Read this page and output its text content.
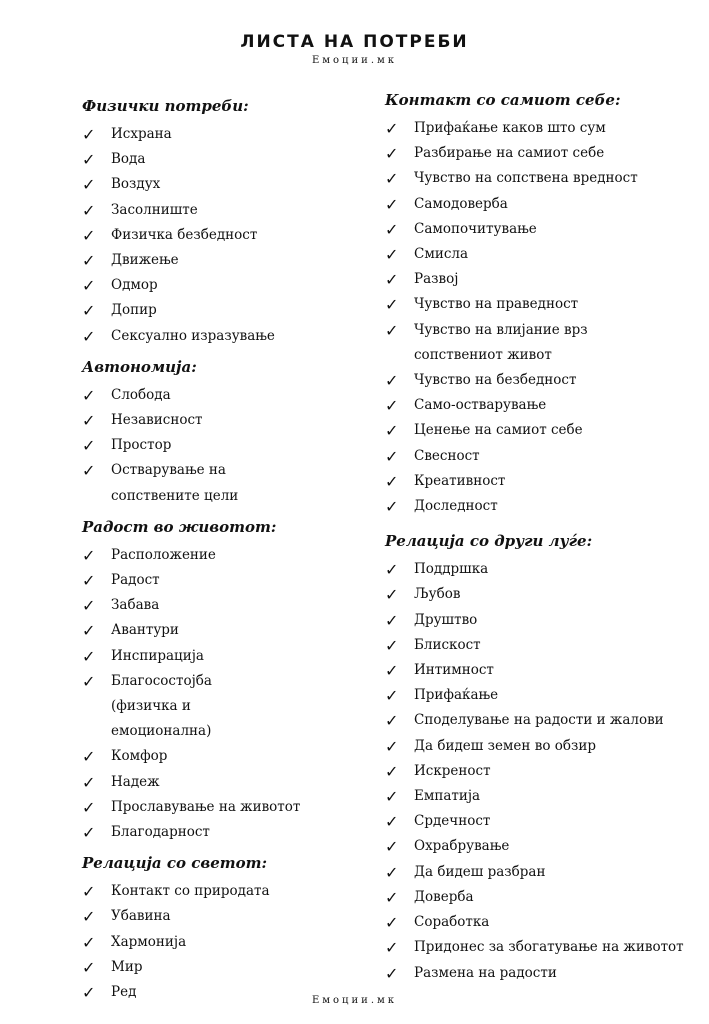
ЛИСТА НА ПОТРЕБИ
Емоции.мк
Физички потреби:
✓ Исхрана
✓ Вода
✓ Воздух
✓ Засолниште
✓ Физичка безбедност
✓ Движење
✓ Одмор
✓ Допир
✓ Сексуално изразување
Автономија:
✓ Слобода
✓ Независност
✓ Простор
✓ Остварување на сопствените цели
Радост во животот:
✓ Расположение
✓ Радост
✓ Забава
✓ Авантури
✓ Инспирација
✓ Благосостојба (физичка и емоционална)
✓ Комфор
✓ Надеж
✓ Прославување на животот
✓ Благодарност
Релација со светот:
✓ Контакт со природата
✓ Убавина
✓ Хармонија
✓ Мир
✓ Ред
Контакт со самиот себе:
✓ Прифаќање каков што сум
✓ Разбирање на самиот себе
✓ Чувство на сопствена вредност
✓ Самодоверба
✓ Самопочитување
✓ Смисла
✓ Развој
✓ Чувство на праведност
✓ Чувство на влијание врз сопствениот живот
✓ Чувство на безбедност
✓ Само-остварување
✓ Ценење на самиот себе
✓ Свесност
✓ Креативност
✓ Доследност
Релација со други луѓе:
✓ Поддршка
✓ Љубов
✓ Друштво
✓ Блискост
✓ Интимност
✓ Прифаќање
✓ Споделување на радости и жалови
✓ Да бидеш земен во обзир
✓ Искреност
✓ Емпатија
✓ Срдечност
✓ Охрабрување
✓ Да бидеш разбран
✓ Доверба
✓ Соработка
✓ Придонес за збогатување на животот
✓ Размена на радости
Емоции.мк
